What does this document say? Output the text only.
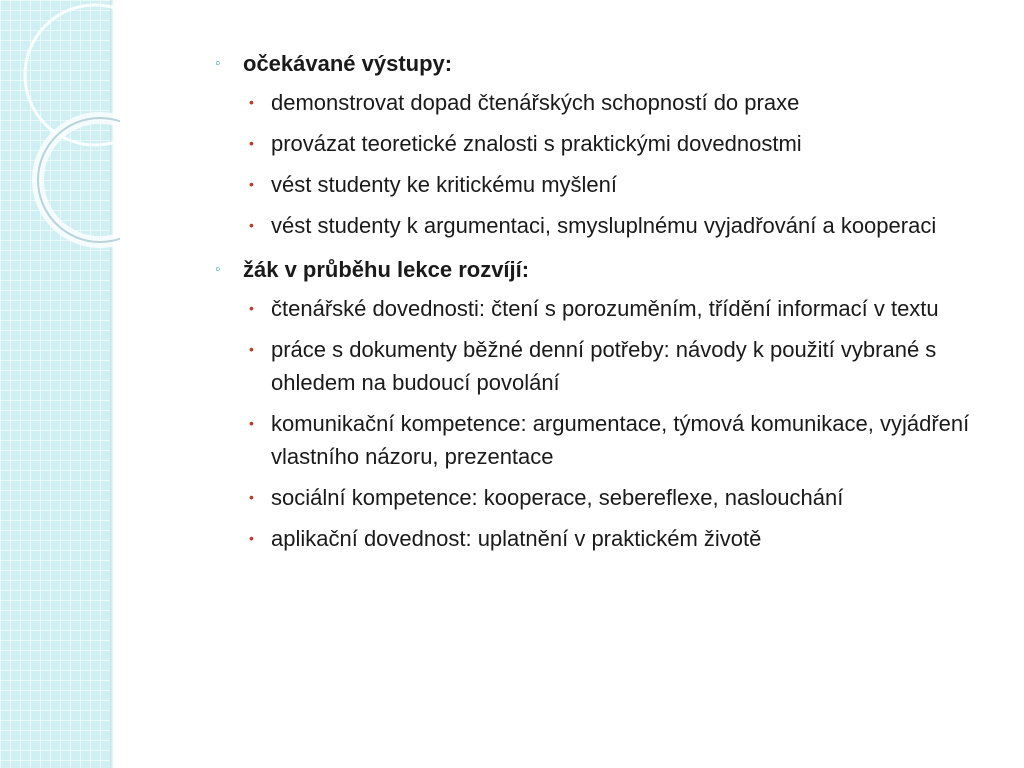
◦	očekávané výstupy:
• demonstrovat dopad čtenářských schopností do praxe
• provázat teoretické znalosti s praktickými dovednostmi
• vést studenty ke kritickému myšlení
• vést studenty k argumentaci, smysluplnému vyjadřování a kooperaci
◦	žák v průběhu lekce rozvíjí:
• čtenářské dovednosti: čtení s porozuměním, třídění informací v textu
• práce s dokumenty běžné denní potřeby: návody k použití vybrané s ohledem na budoucí povolání
• komunikační kompetence: argumentace, týmová komunikace, vyjádření vlastního názoru, prezentace
• sociální kompetence: kooperace, sebereflexe, naslouchání
• aplikační dovednost: uplatnění v praktickém životě
